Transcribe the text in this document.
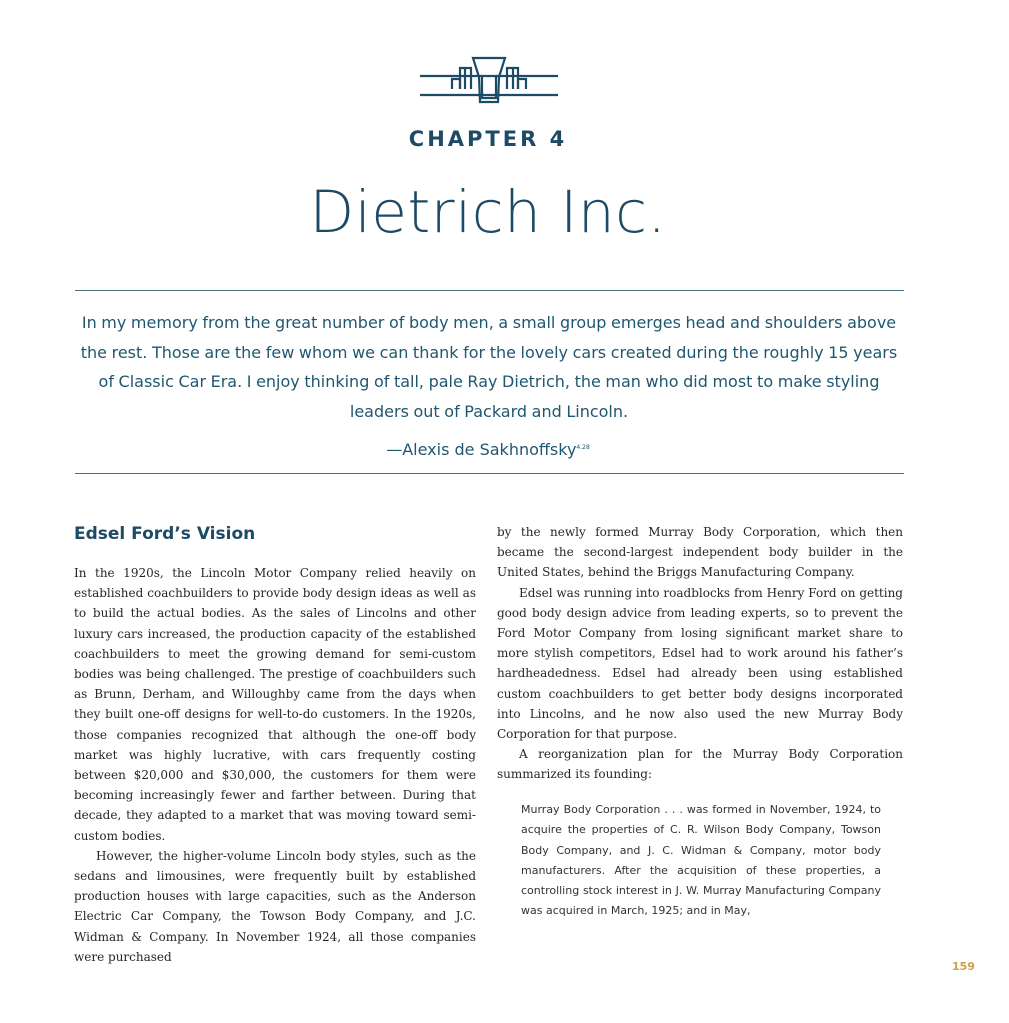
CHAPTER 4
Dietrich Inc.
In my memory from the great number of body men, a small group emerges head and shoulders above the rest. Those are the few whom we can thank for the lovely cars created during the roughly 15 years of Classic Car Era. I enjoy thinking of tall, pale Ray Dietrich, the man who did most to make styling leaders out of Packard and Lincoln.
—Alexis de Sakhnoffsky$^{4.28}$
Edsel Ford’s Vision

In the 1920s, the Lincoln Motor Company relied heavily on established coachbuilders to provide body design ideas as well as to build the actual bodies. As the sales of Lincolns and other luxury cars increased, the production capacity of the established coachbuilders to meet the growing demand for semi-custom bodies was being challenged. The prestige of coachbuilders such as Brunn, Derham, and Willoughby came from the days when they built one-off designs for well-to-do customers. In the 1920s, those companies recognized that although the one-off body market was highly lucrative, with cars frequently costing between $20,000 and $30,000, the customers for them were becoming increasingly fewer and farther between. During that decade, they adapted to a market that was moving toward semi-custom bodies.

However, the higher-volume Lincoln body styles, such as the sedans and limousines, were frequently built by established production houses with large capacities, such as the Anderson Electric Car Company, the Towson Body Company, and J.C. Widman & Company. In November 1924, all those companies were purchased

by the newly formed Murray Body Corporation, which then became the second-largest independent body builder in the United States, behind the Briggs Manufacturing Company.

Edsel was running into roadblocks from Henry Ford on getting good body design advice from leading experts, so to prevent the Ford Motor Company from losing significant market share to more stylish competitors, Edsel had to work around his father’s hardheadedness. Edsel had already been using established custom coachbuilders to get better body designs incorporated into Lincolns, and he now also used the new Murray Body Corporation for that purpose.

A reorganization plan for the Murray Body Corporation summarized its founding:

Murray Body Corporation . . . was formed in November, 1924, to acquire the properties of C. R. Wilson Body Company, Towson Body Company, and J. C. Widman & Company, motor body manufacturers. After the acquisition of these properties, a controlling stock interest in J. W. Murray Manufacturing Company was acquired in March, 1925; and in May,
159
